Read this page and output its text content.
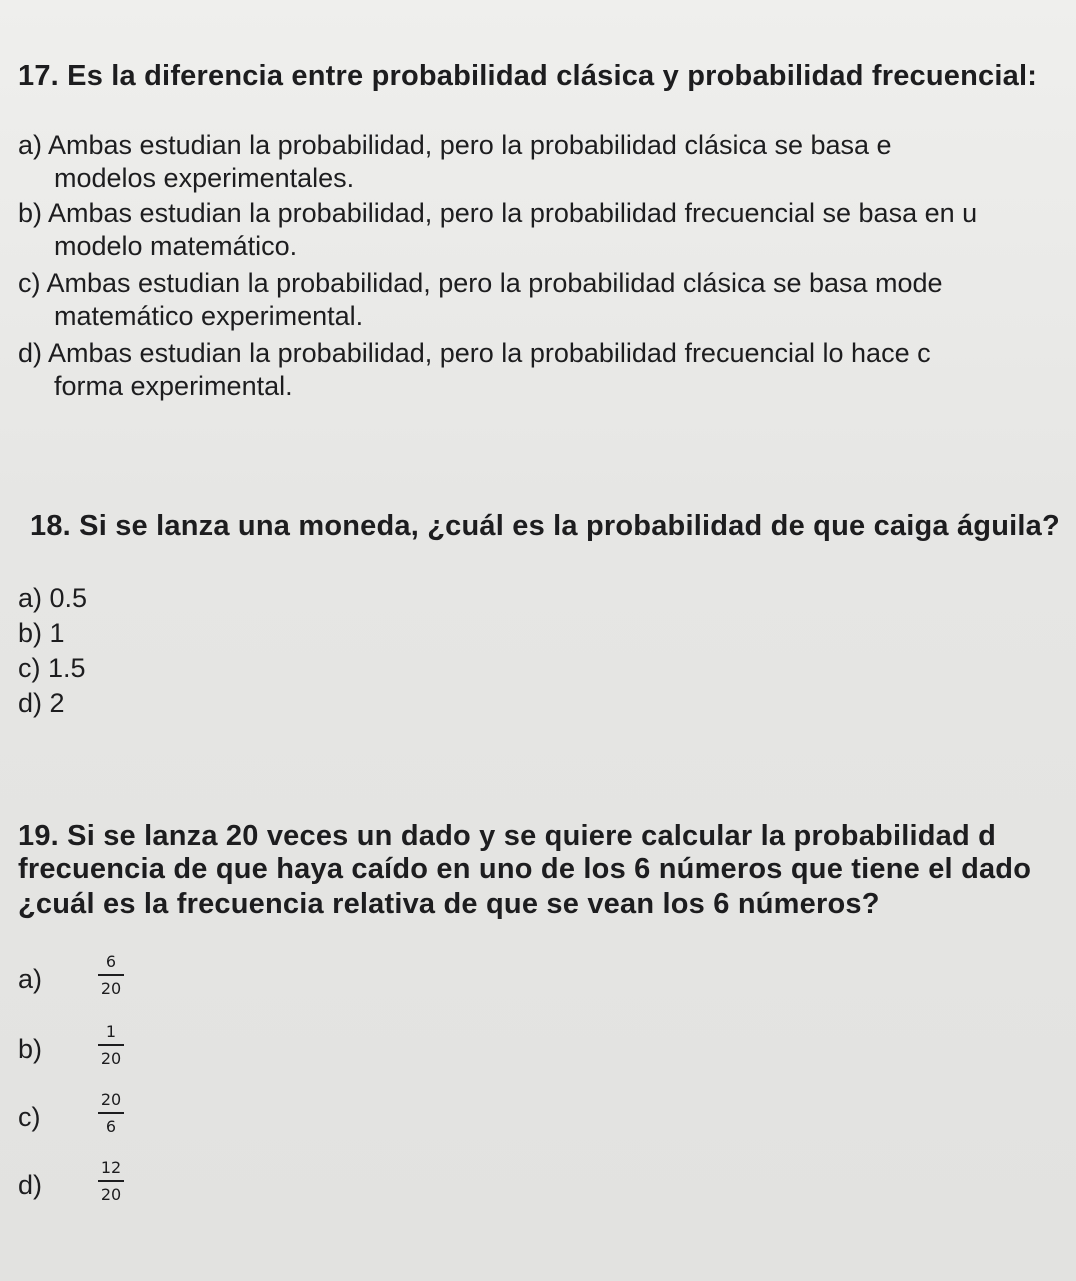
17. Es la diferencia entre probabilidad clásica y probabilidad frecuencial:
a) Ambas estudian la probabilidad, pero la probabilidad clásica se basa e
modelos experimentales.
b) Ambas estudian la probabilidad, pero la probabilidad frecuencial se basa en u
modelo matemático.
c) Ambas estudian la probabilidad, pero la probabilidad clásica se basa mode
matemático experimental.
d) Ambas estudian la probabilidad, pero la probabilidad frecuencial lo hace c
forma experimental.
18. Si se lanza una moneda, ¿cuál es la probabilidad de que caiga águila?
a) 0.5
b) 1
c) 1.5
d) 2
19. Si se lanza 20 veces un dado y se quiere calcular la probabilidad d
frecuencia de que haya caído en uno de los 6 números que tiene el dado
¿cuál es la frecuencia relativa de que se vean los 6 números?
a)	$\frac{6}{20}$
b)	$\frac{1}{20}$
c)	$\frac{20}{6}$
d)	$\frac{12}{20}$
